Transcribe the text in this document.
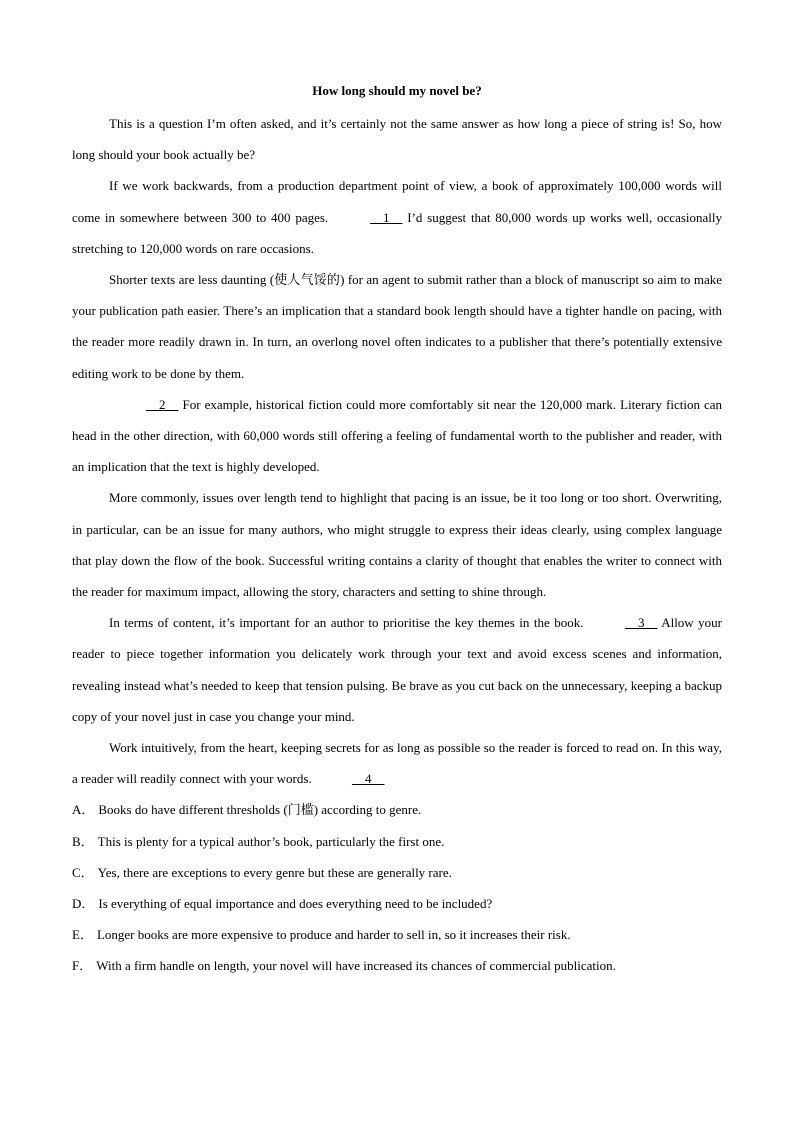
How long should my novel be?

This is a question I’m often asked, and it’s certainly not the same answer as how long a piece of string is! So, how long should your book actually be?

If we work backwards, from a production department point of view, a book of approximately 100,000 words will come in somewhere between 300 to 400 pages.	1     I’d suggest that 80,000 words up works well, occasionally stretching to 120,000 words on rare occasions.

Shorter texts are less daunting (使人气馁的) for an agent to submit rather than a block of manuscript so aim to make your publication path easier. There’s an implication that a standard book length should have a tighter handle on pacing, with the reader more readily drawn in. In turn, an overlong novel often indicates to a publisher that there’s potentially extensive editing work to be done by them.

2     For example, historical fiction could more comfortably sit near the 120,000 mark. Literary fiction can head in the other direction, with 60,000 words still offering a feeling of fundamental worth to the publisher and reader, with an implication that the text is highly developed.

More commonly, issues over length tend to highlight that pacing is an issue, be it too long or too short. Overwriting, in particular, can be an issue for many authors, who might struggle to express their ideas clearly, using complex language that play down the flow of the book. Successful writing contains a clarity of thought that enables the writer to connect with the reader for maximum impact, allowing the story, characters and setting to shine through.

In terms of content, it’s important for an author to prioritise the key themes in the book.	3     Allow your reader to piece together information you delicately work through your text and avoid excess scenes and information, revealing instead what’s needed to keep that tension pulsing. Be brave as you cut back on the unnecessary, keeping a backup copy of your novel just in case you change your mind.

Work intuitively, from the heart, keeping secrets for as long as possible so the reader is forced to read on. In this way, a reader will readily connect with your words.	4

A． Books do have different thresholds (门槛) according to genre.

B． This is plenty for a typical author’s book, particularly the first one.

C． Yes, there are exceptions to every genre but these are generally rare.

D． Is everything of equal importance and does everything need to be included?

E． Longer books are more expensive to produce and harder to sell in, so it increases their risk.

F． With a firm handle on length, your novel will have increased its chances of commercial publication.
